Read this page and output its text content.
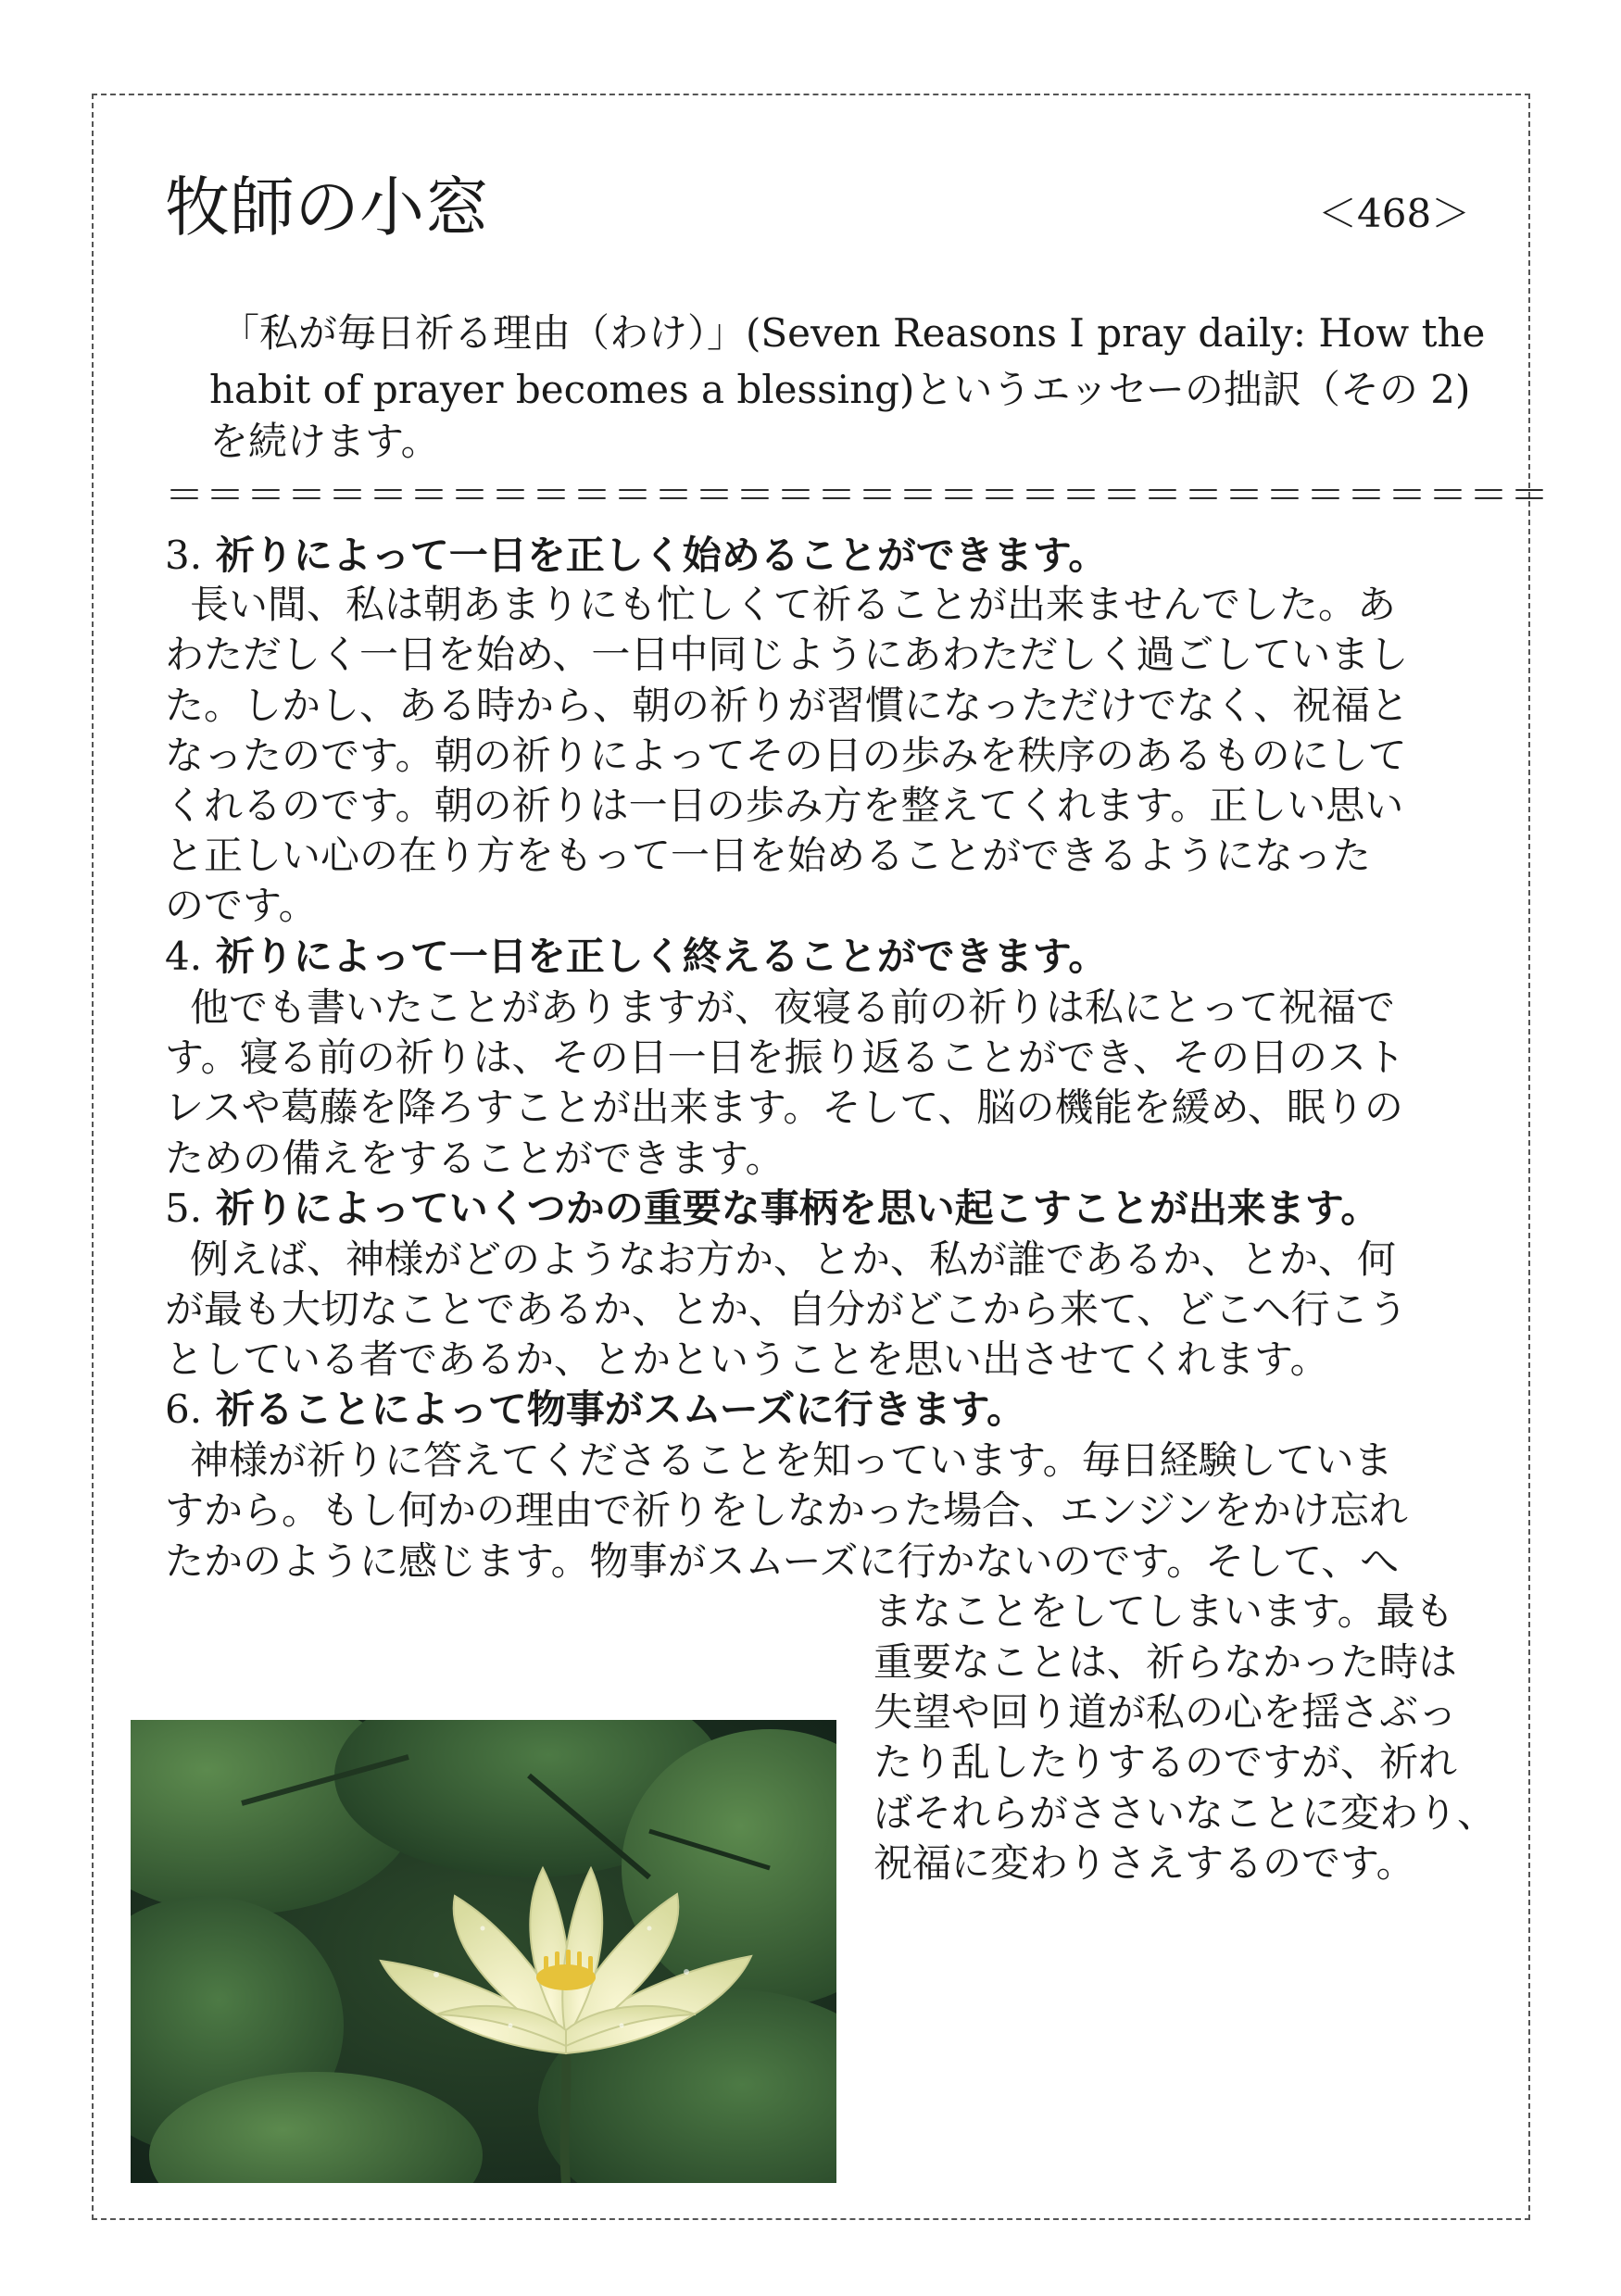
牧師の小窓	＜468＞
「私が毎日祈る理由（わけ）」(Seven Reasons I pray daily: How the
habit of prayer becomes a blessing)というエッセーの拙訳（その 2)
を続けます。
＝＝＝＝＝＝＝＝＝＝＝＝＝＝＝＝＝＝＝＝＝＝＝＝＝＝＝＝＝＝＝＝＝＝
3. 祈りによって一日を正しく始めることができます。
長い間、私は朝あまりにも忙しくて祈ることが出来ませんでした。あ
わただしく一日を始め、一日中同じようにあわただしく過ごしていまし
た。しかし、ある時から、朝の祈りが習慣になっただけでなく、祝福と
なったのです。朝の祈りによってその日の歩みを秩序のあるものにして
くれるのです。朝の祈りは一日の歩み方を整えてくれます。正しい思い
と正しい心の在り方をもって一日を始めることができるようになった
のです。
4. 祈りによって一日を正しく終えることができます。
他でも書いたことがありますが、夜寝る前の祈りは私にとって祝福で
す。寝る前の祈りは、その日一日を振り返ることができ、その日のスト
レスや葛藤を降ろすことが出来ます。そして、脳の機能を緩め、眠りの
ための備えをすることができます。
5. 祈りによっていくつかの重要な事柄を思い起こすことが出来ます。
例えば、神様がどのようなお方か、とか、私が誰であるか、とか、何
が最も大切なことであるか、とか、自分がどこから来て、どこへ行こう
としている者であるか、とかということを思い出させてくれます。
6. 祈ることによって物事がスムーズに行きます。
神様が祈りに答えてくださることを知っています。毎日経験していま
すから。もし何かの理由で祈りをしなかった場合、エンジンをかけ忘れ
たかのように感じます。物事がスムーズに行かないのです。そして、へ
まなことをしてしまいます。最も
重要なことは、祈らなかった時は
失望や回り道が私の心を揺さぶっ
たり乱したりするのですが、祈れ
ばそれらがささいなことに変わり、
祝福に変わりさえするのです。
